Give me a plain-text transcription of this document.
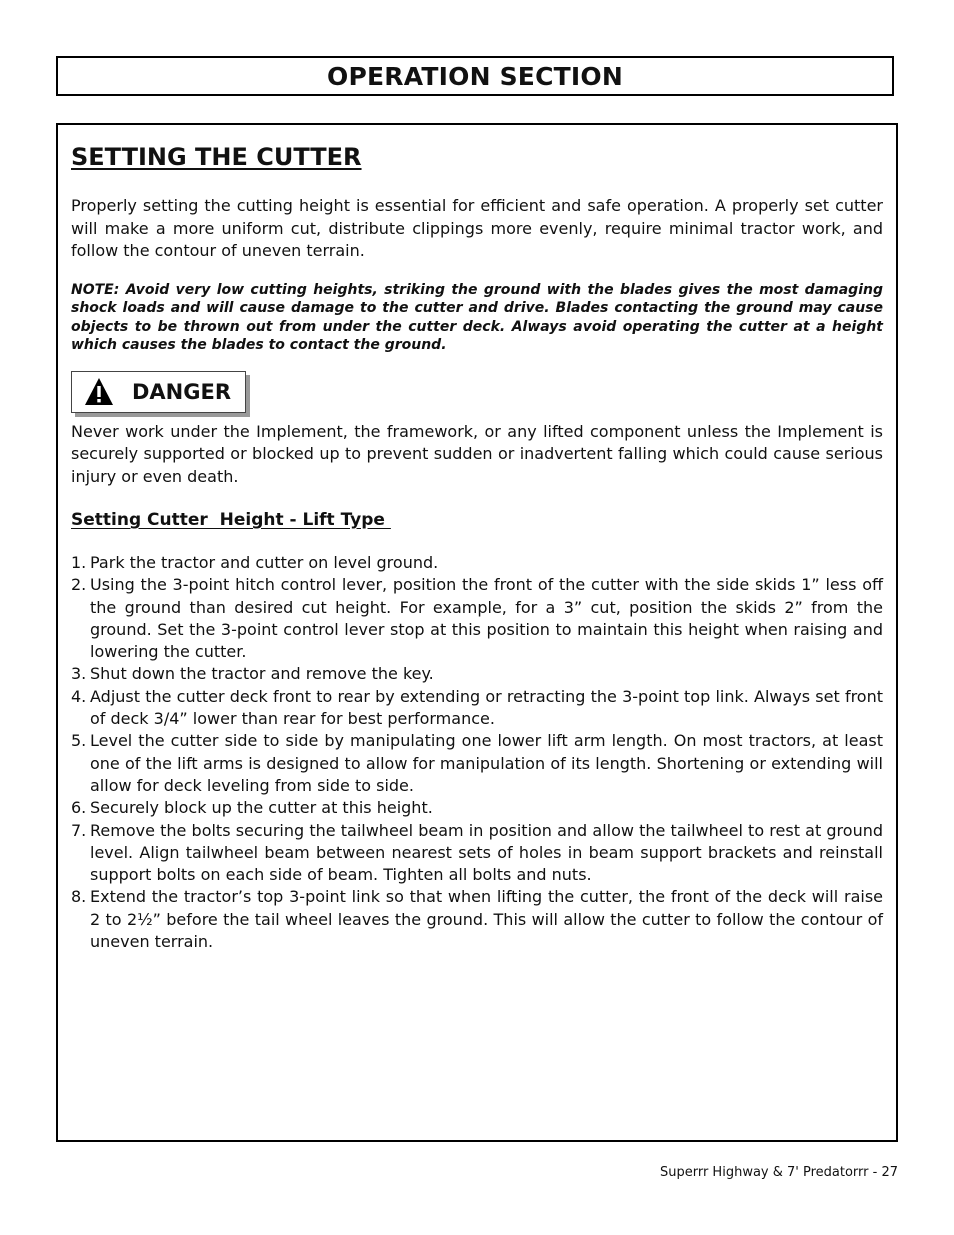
OPERATION SECTION
SETTING THE CUTTER

Properly setting the cutting height is essential for efficient and safe operation. A properly set cutter will make a more uniform cut, distribute clippings more evenly, require minimal tractor work, and follow the contour of uneven terrain.

NOTE: Avoid very low cutting heights, striking the ground with the blades gives the most damaging shock loads and will cause damage to the cutter and drive. Blades contacting the ground may cause objects to be thrown out from under the cutter deck. Always avoid operating the cutter at a height which causes the blades to contact the ground.

DANGER

Never work under the Implement, the framework, or any lifted component unless the Implement is securely supported or blocked up to prevent sudden or inadvertent falling which could cause serious injury or even death.

Setting Cutter  Height - Lift Type
1. Park the tractor and cutter on level ground.
2. Using the 3-point hitch control lever, position the front of the cutter with the side skids 1” less off the ground than desired cut height. For example, for a 3” cut, position the skids 2” from the ground. Set the 3-point control lever stop at this position to maintain this height when raising and lowering the cutter.
3. Shut down the tractor and remove the key.
4. Adjust the cutter deck front to rear by extending or retracting the 3-point top link. Always set front of deck 3/4” lower than rear for best performance.
5. Level the cutter side to side by manipulating one lower lift arm length. On most tractors, at least one of the lift arms is designed to allow for manipulation of its length. Shortening or extending will allow for deck leveling from side to side.
6. Securely block up the cutter at this height.
7. Remove the bolts securing the tailwheel beam in position and allow the tailwheel to rest at ground level. Align tailwheel beam between nearest sets of holes in beam support brackets and reinstall support bolts on each side of beam. Tighten all bolts and nuts.
8. Extend the tractor’s top 3-point link so that when lifting the cutter, the front of the deck will raise 2 to 2½” before the tail wheel leaves the ground. This will allow the cutter to follow the contour of uneven terrain.
Superrr Highway & 7' Predatorrr - 27
